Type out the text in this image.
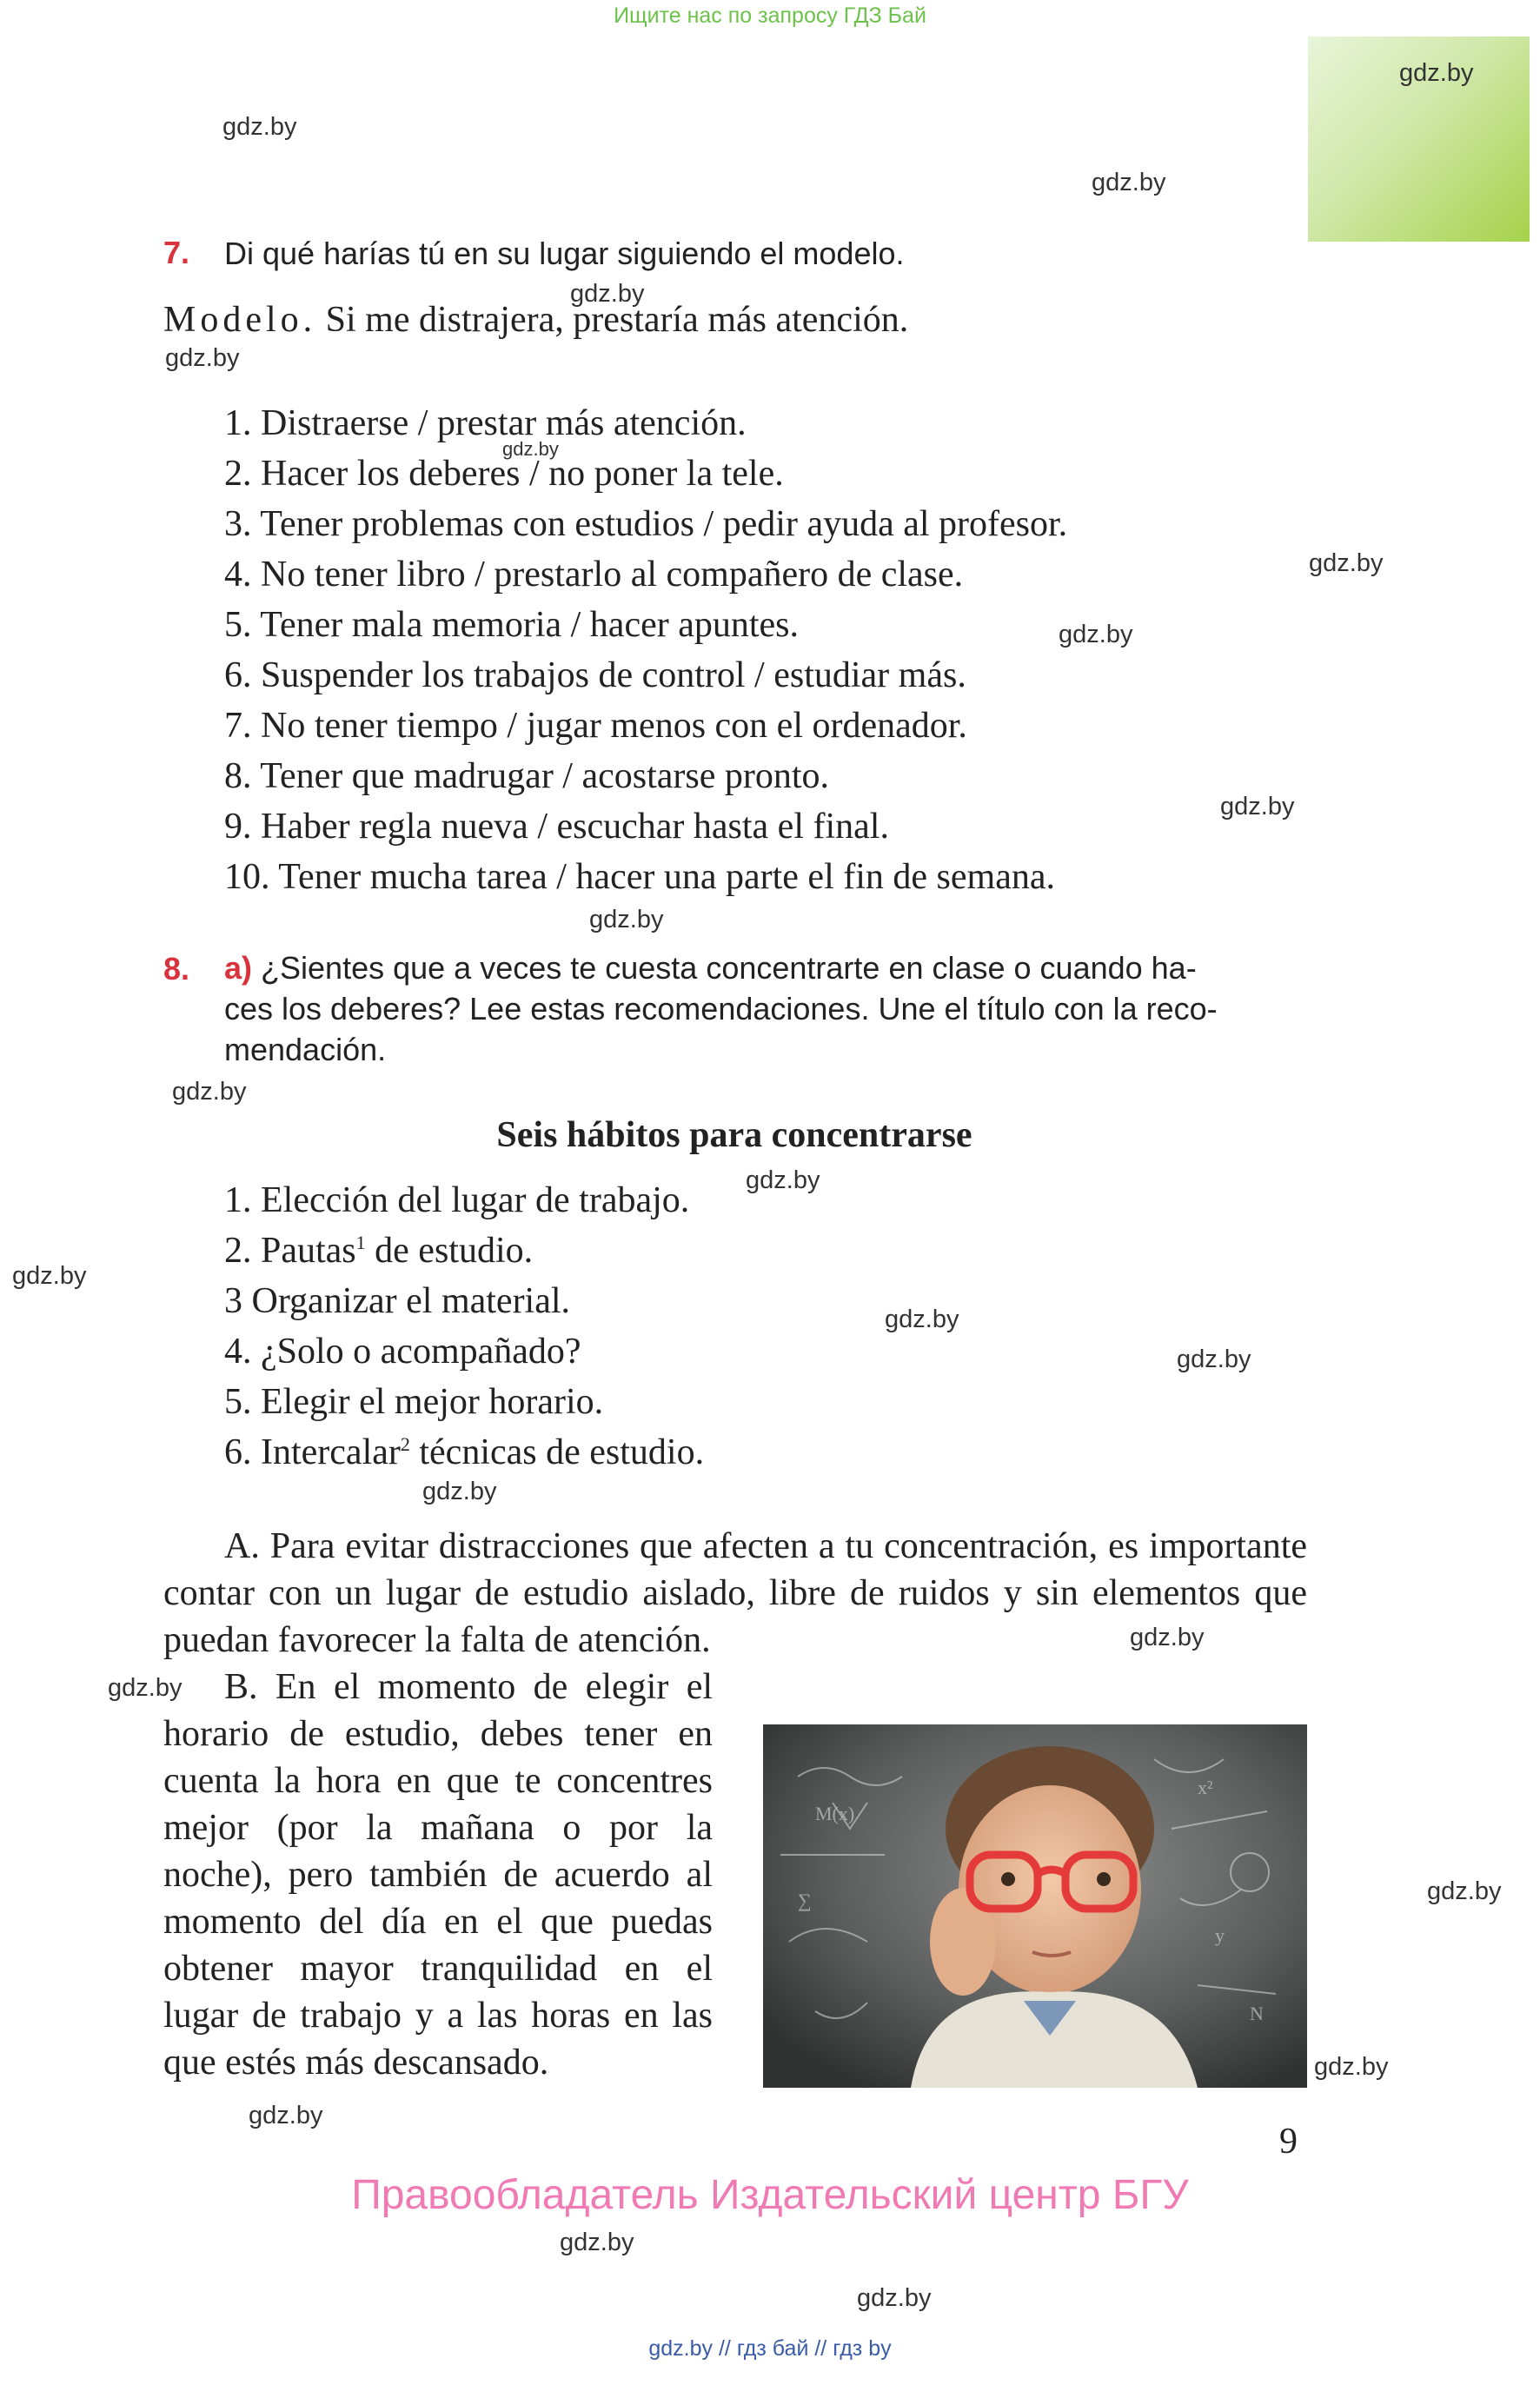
Ищите нас по запросу ГДЗ Бай
gdz.by
gdz.by
gdz.by
gdz.by
gdz.by
gdz.by
gdz.by
gdz.by
gdz.by
gdz.by
gdz.by
gdz.by
gdz.by
gdz.by
gdz.by
gdz.by
gdz.by
gdz.by
gdz.by
gdz.by
gdz.by
gdz.by
gdz.by
7. Di qué harías tú en su lugar siguiendo el modelo.
Modelo. Si me distrajera, prestaría más atención.
1. Distraerse / prestar más atención.
2. Hacer los deberes / no poner la tele.
3. Tener problemas con estudios / pedir ayuda al profesor.
4. No tener libro / prestarlo al compañero de clase.
5. Tener mala memoria / hacer apuntes.
6. Suspender los trabajos de control / estudiar más.
7. No tener tiempo / jugar menos con el ordenador.
8. Tener que madrugar / acostarse pronto.
9. Haber regla nueva / escuchar hasta el final.
10. Tener mucha tarea / hacer una parte el fin de semana.
8. a) ¿Sientes que a veces te cuesta concentrarte en clase o cuando ha-
ces los deberes? Lee estas recomendaciones. Une el título con la reco-
mendación.
Seis hábitos para concentrarse
1. Elección del lugar de trabajo.
2. Pautas$^1$ de estudio.
3 Organizar el material.
4. ¿Solo o acompañado?
5. Elegir el mejor horario.
6. Intercalar$^2$ técnicas de estudio.
A. Para evitar distracciones que afecten a tu concentración, es importante contar con un lugar de estudio aislado, libre de ruidos y sin elementos que puedan favorecer la falta de atención.
B. En el momento de elegir el horario de estudio, debes tener en cuenta la hora en que te concentres mejor (por la mañana o por la noche), pero también de acuerdo al momento del día en el que puedas obtener mayor tranquilidad en el lugar de trabajo y a las horas en las que estés más descansado.
M(x)
x²
y
∑
N
9
Правообладатель Издательский центр БГУ
gdz.by // гдз бай // гдз by
